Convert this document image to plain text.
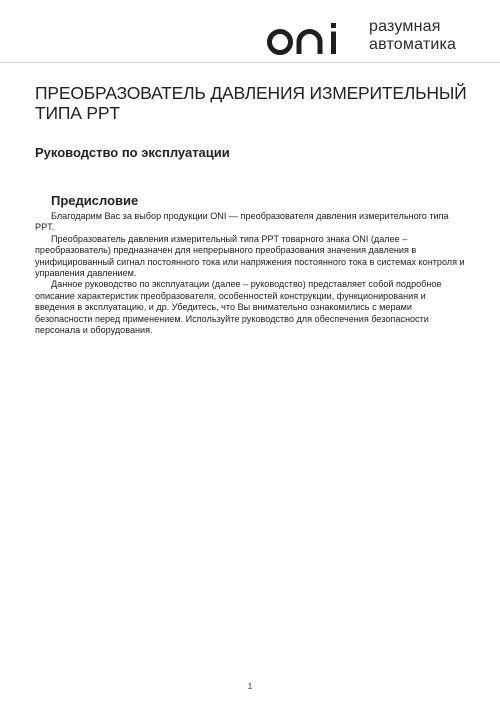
разумная
автоматика
ПРЕОБРАЗОВАТЕЛЬ ДАВЛЕНИЯ ИЗМЕРИТЕЛЬНЫЙ ТИПА PPT
Руководство по эксплуатации
Предисловие

Благодарим Вас за выбор продукции ONI — преобразователя давления измерительного типа PPT.

Преобразователь давления измерительный типа PPT товарного знака ONI (далее – преобразователь) предназначен для непрерывного преобразования значения давления в унифицированный сигнал постоянного тока или напряжения постоянного тока в системах контроля и управления давлением.

Данное руководство по эксплуатации (далее – руководство) представляет собой подробное описание характеристик преобразователя, особенностей конструкции, функционирования и введения в эксплуатацию, и др. Убедитесь, что Вы внимательно ознакомились с мерами безопасности перед применением. Используйте руководство для обеспечения безопасности персонала и оборудования.

1
